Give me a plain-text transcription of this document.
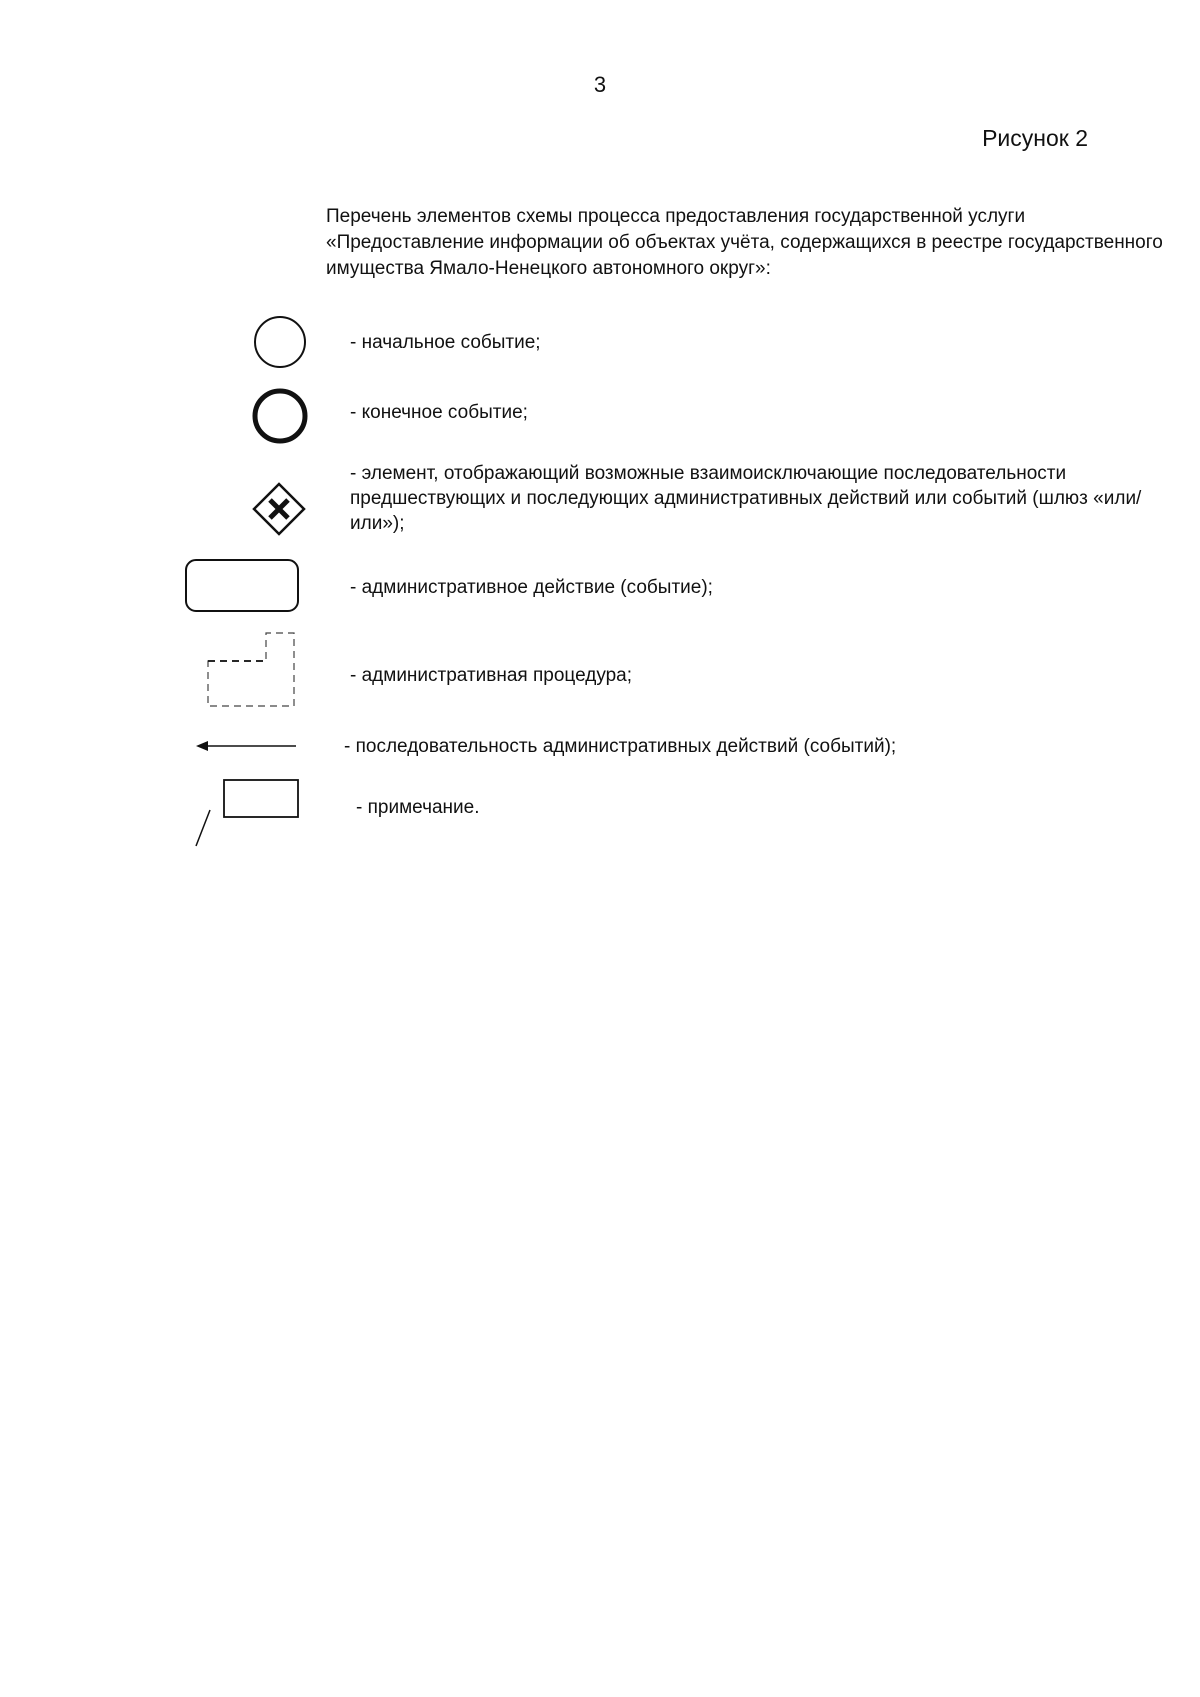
3
Рисунок 2
Перечень элементов схемы процесса предоставления государственной услуги «Предоставление информации об объектах учёта, содержащихся в реестре государственного имущества Ямало-Ненецкого автономного округ»:
- начальное событие;
- конечное событие;
- элемент, отображающий возможные взаимоисключающие последовательности предшествующих и последующих административных действий или событий (шлюз «или/или»);
- административное действие (событие);
- административная процедура;
- последовательность административных действий (событий);
- примечание.
